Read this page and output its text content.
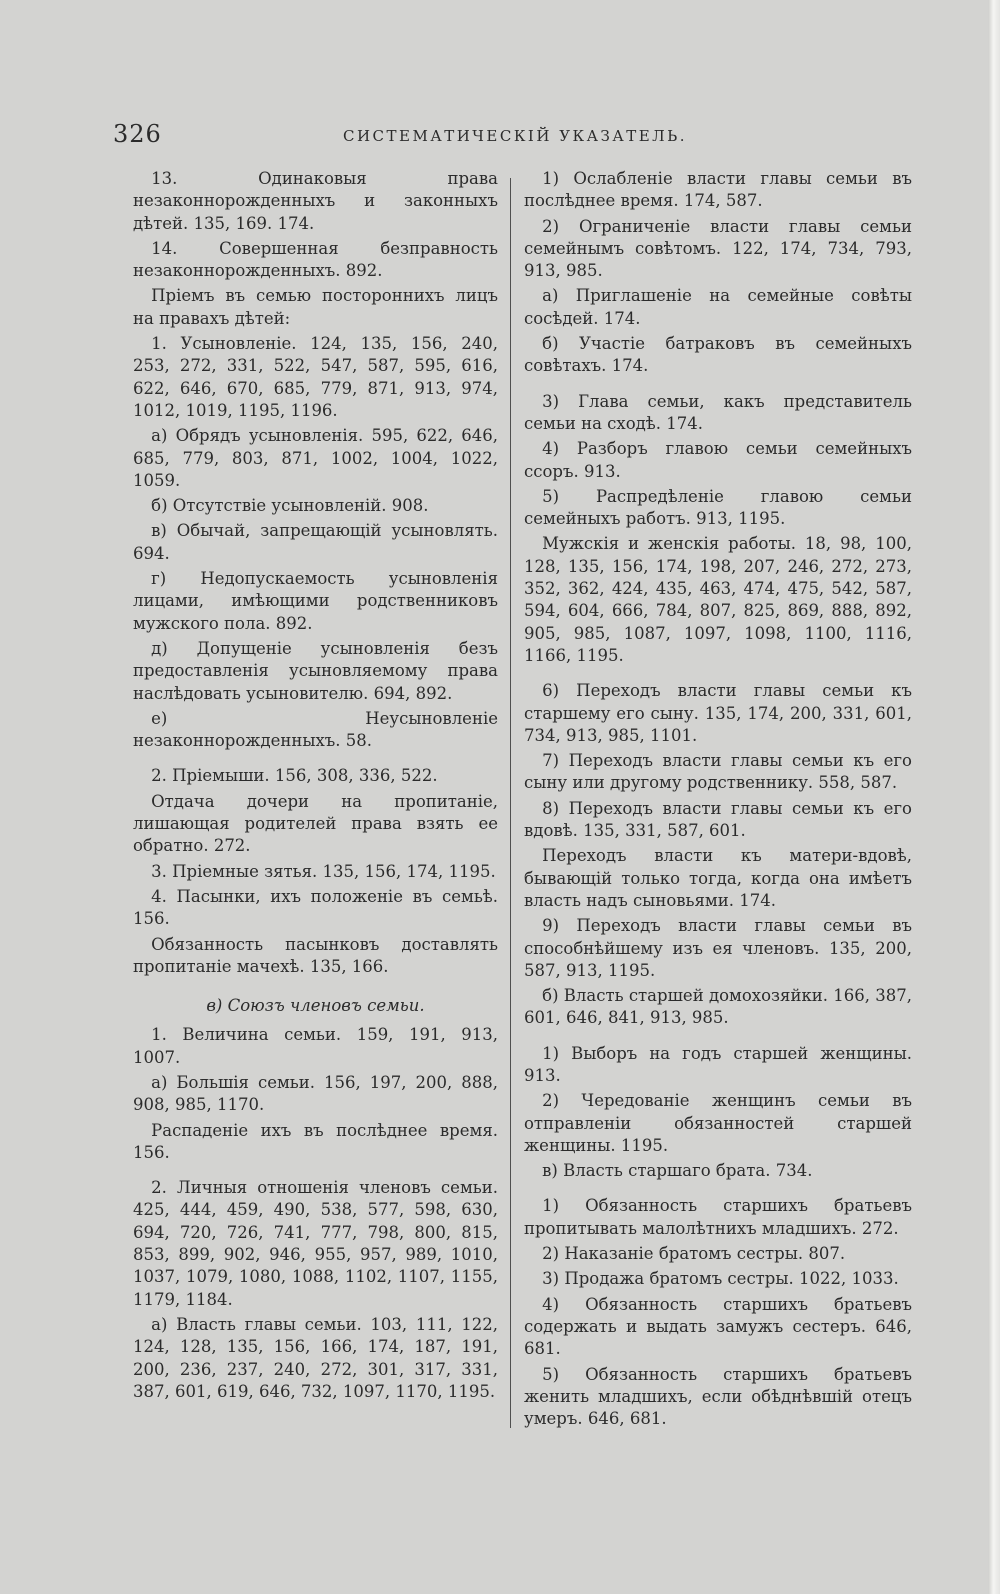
326	СИСТЕМАТИЧЕСКІЙ УКАЗАТЕЛЬ.

13. Одинаковыя права незаконнорожденныхъ и законныхъ дѣтей. 135, 169. 174.

14. Совершенная безправность незаконнорожденныхъ. 892.

Пріемъ въ семью постороннихъ лицъ на правахъ дѣтей:

1. Усыновленіе. 124, 135, 156, 240, 253, 272, 331, 522, 547, 587, 595, 616, 622, 646, 670, 685, 779, 871, 913, 974, 1012, 1019, 1195, 1196.

а) Обрядъ усыновленія. 595, 622, 646, 685, 779, 803, 871, 1002, 1004, 1022, 1059.

б) Отсутствіе усыновленій. 908.

в) Обычай, запрещающій усыновлять. 694.

г) Недопускаемость усыновленія лицами, имѣющими родственниковъ мужского пола. 892.

д) Допущеніе усыновленія безъ предоставленія усыновляемому права наслѣдовать усыновителю. 694, 892.

е) Неусыновленіе незаконнорожденныхъ. 58.

2. Пріемыши. 156, 308, 336, 522.

Отдача дочери на пропитаніе, лишающая родителей права взять ее обратно. 272.

3. Пріемные зятья. 135, 156, 174, 1195.

4. Пасынки, ихъ положеніе въ семьѣ. 156.

Обязанность пасынковъ доставлять пропитаніе мачехѣ. 135, 166.

в) Союзъ членовъ семьи.

1. Величина семьи. 159, 191, 913, 1007.

а) Большія семьи. 156, 197, 200, 888, 908, 985, 1170.

Распаденіе ихъ въ послѣднее время. 156.

2. Личныя отношенія членовъ семьи. 425, 444, 459, 490, 538, 577, 598, 630, 694, 720, 726, 741, 777, 798, 800, 815, 853, 899, 902, 946, 955, 957, 989, 1010, 1037, 1079, 1080, 1088, 1102, 1107, 1155, 1179, 1184.

а) Власть главы семьи. 103, 111, 122, 124, 128, 135, 156, 166, 174, 187, 191, 200, 236, 237, 240, 272, 301, 317, 331, 387, 601, 619, 646, 732, 1097, 1170, 1195.

1) Ослабленіе власти главы семьи въ послѣднее время. 174, 587.

2) Ограниченіе власти главы семьи семейнымъ совѣтомъ. 122, 174, 734, 793, 913, 985.

а) Приглашеніе на семейные совѣты сосѣдей. 174.

б) Участіе батраковъ въ семейныхъ совѣтахъ. 174.

3) Глава семьи, какъ представитель семьи на сходѣ. 174.

4) Разборъ главою семьи семейныхъ ссоръ. 913.

5) Распредѣленіе главою семьи семейныхъ работъ. 913, 1195.

Мужскія и женскія работы. 18, 98, 100, 128, 135, 156, 174, 198, 207, 246, 272, 273, 352, 362, 424, 435, 463, 474, 475, 542, 587, 594, 604, 666, 784, 807, 825, 869, 888, 892, 905, 985, 1087, 1097, 1098, 1100, 1116, 1166, 1195.

6) Переходъ власти главы семьи къ старшему его сыну. 135, 174, 200, 331, 601, 734, 913, 985, 1101.

7) Переходъ власти главы семьи къ его сыну или другому родственнику. 558, 587.

8) Переходъ власти главы семьи къ его вдовѣ. 135, 331, 587, 601.

Переходъ власти къ матери-вдовѣ, бывающій только тогда, когда она имѣетъ власть надъ сыновьями. 174.

9) Переходъ власти главы семьи въ способнѣйшему изъ ея членовъ. 135, 200, 587, 913, 1195.

б) Власть старшей домохозяйки. 166, 387, 601, 646, 841, 913, 985.

1) Выборъ на годъ старшей женщины. 913.

2) Чередованіе женщинъ семьи въ отправленіи обязанностей старшей женщины. 1195.

в) Власть старшаго брата. 734.

1) Обязанность старшихъ братьевъ пропитывать малолѣтнихъ младшихъ. 272.

2) Наказаніе братомъ сестры. 807.

3) Продажа братомъ сестры. 1022, 1033.

4) Обязанность старшихъ братьевъ содержать и выдать замужъ сестеръ. 646, 681.

5) Обязанность старшихъ братьевъ женить младшихъ, если обѣднѣвшій отецъ умеръ. 646, 681.
